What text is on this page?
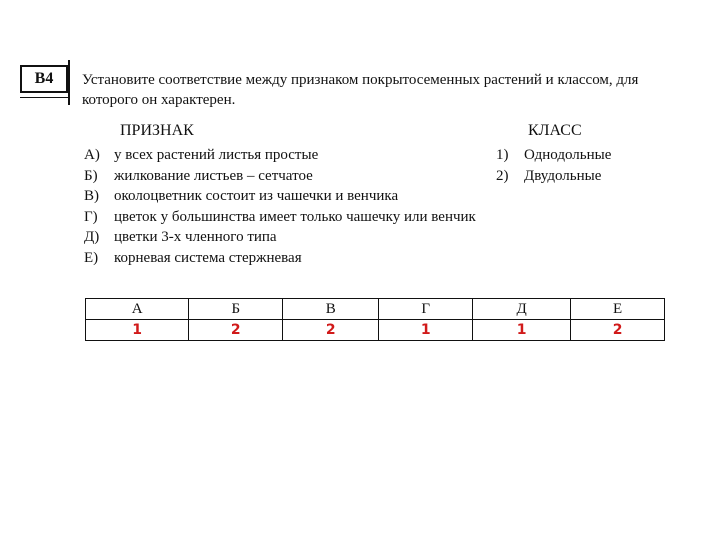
В4	Установите соответствие между признаком покрытосеменных растений и классом, для которого он характерен.
ПРИЗНАК	КЛАСС
А) у всех растений листья простые
Б)	жилкование листьев – сетчатое
В)	околоцветник состоит из чашечки и венчика
Г)	цветок у большинства имеет только чашечку или венчик
Д) цветки 3-х членного типа
Е)	корневая система стержневая
1)	Однодольные
2)	Двудольные
А	Б	В	Г	Д	Е
1	2	2	1	1	2
